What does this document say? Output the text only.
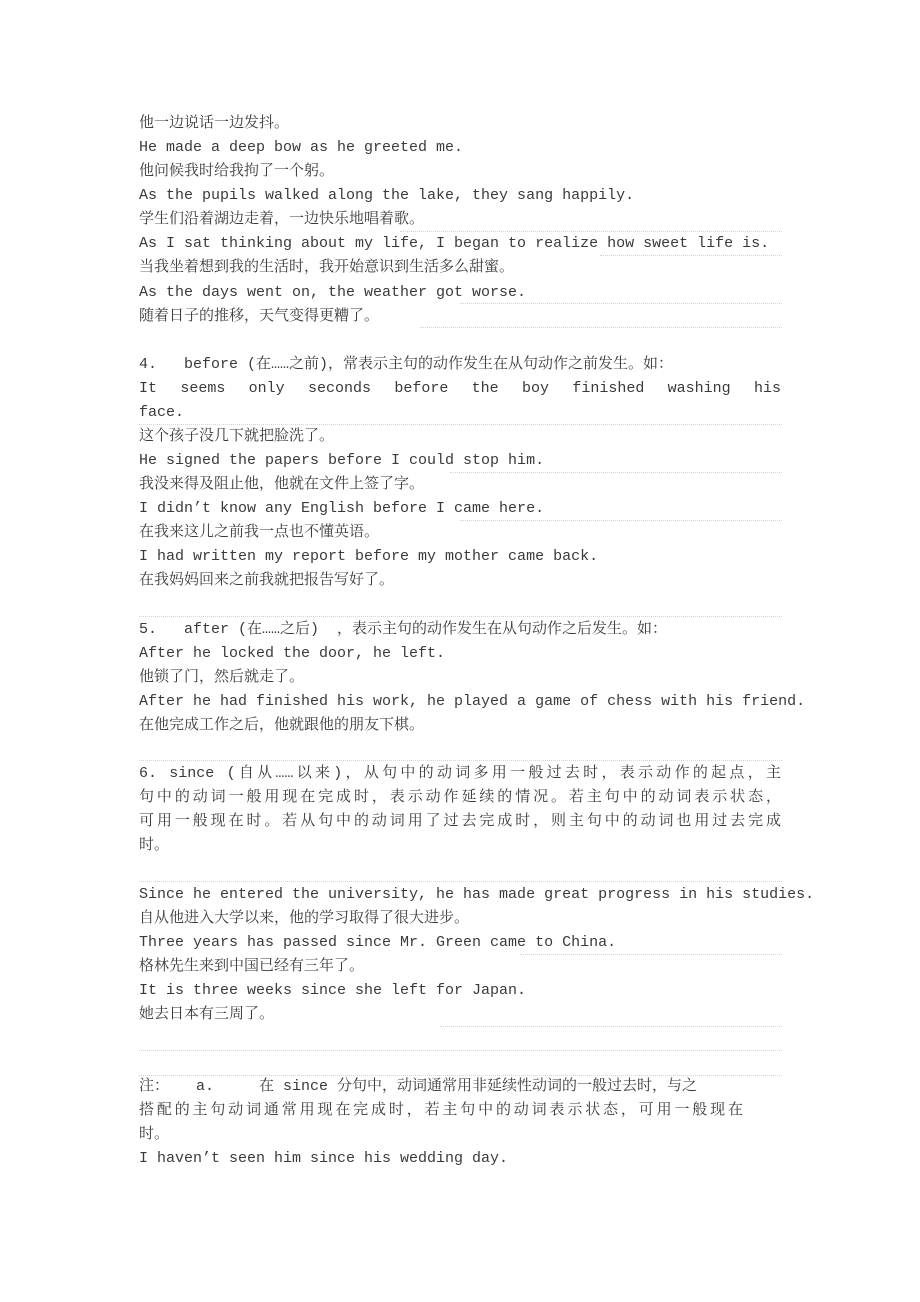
他一边说话一边发抖。
He made a deep bow as he greeted me.
他问候我时给我拘了一个躬。
As the pupils walked along the lake, they sang happily.
学生们沿着湖边走着，一边快乐地唱着歌。
As I sat thinking about my life, I began to realize how sweet life is.
当我坐着想到我的生活时，我开始意识到生活多么甜蜜。
As the days went on, the weather got worse.
随着日子的推移，天气变得更糟了。
4.   before (在……之前)，常表示主句的动作发生在从句动作之前发生。如：
It seems only seconds before the boy finished washing his
face.
这个孩子没几下就把脸洗了。
He signed the papers before I could stop him.
我没来得及阻止他，他就在文件上签了字。
I didn’t know any English before I came here.
在我来这儿之前我一点也不懂英语。
I had written my report before my mother came back.
在我妈妈回来之前我就把报告写好了。
5.   after (在……之后)  ，表示主句的动作发生在从句动作之后发生。如：
After he locked the door, he left.
他锁了门，然后就走了。
After he had finished his work, he played a game of chess with his friend.
在他完成工作之后，他就跟他的朋友下棋。
6. since (自从……以来)，从句中的动词多用一般过去时，表示动作的起点，主
句中的动词一般用现在完成时，表示动作延续的情况。若主句中的动词表示状态，
可用一般现在时。若从句中的动词用了过去完成时，则主句中的动词也用过去完成
时。
Since he entered the university, he has made great progress in his studies.
自从他进入大学以来，他的学习取得了很大进步。
Three years has passed since Mr. Green came to China.
格林先生来到中国已经有三年了。
It is three weeks since she left for Japan.
她去日本有三周了。
注：   a.     在 since 分句中，动词通常用非延续性动词的一般过去时，与之
搭配的主句动词通常用现在完成时，若主句中的动词表示状态，可用一般现在
时。
I haven’t seen him since his wedding day.
